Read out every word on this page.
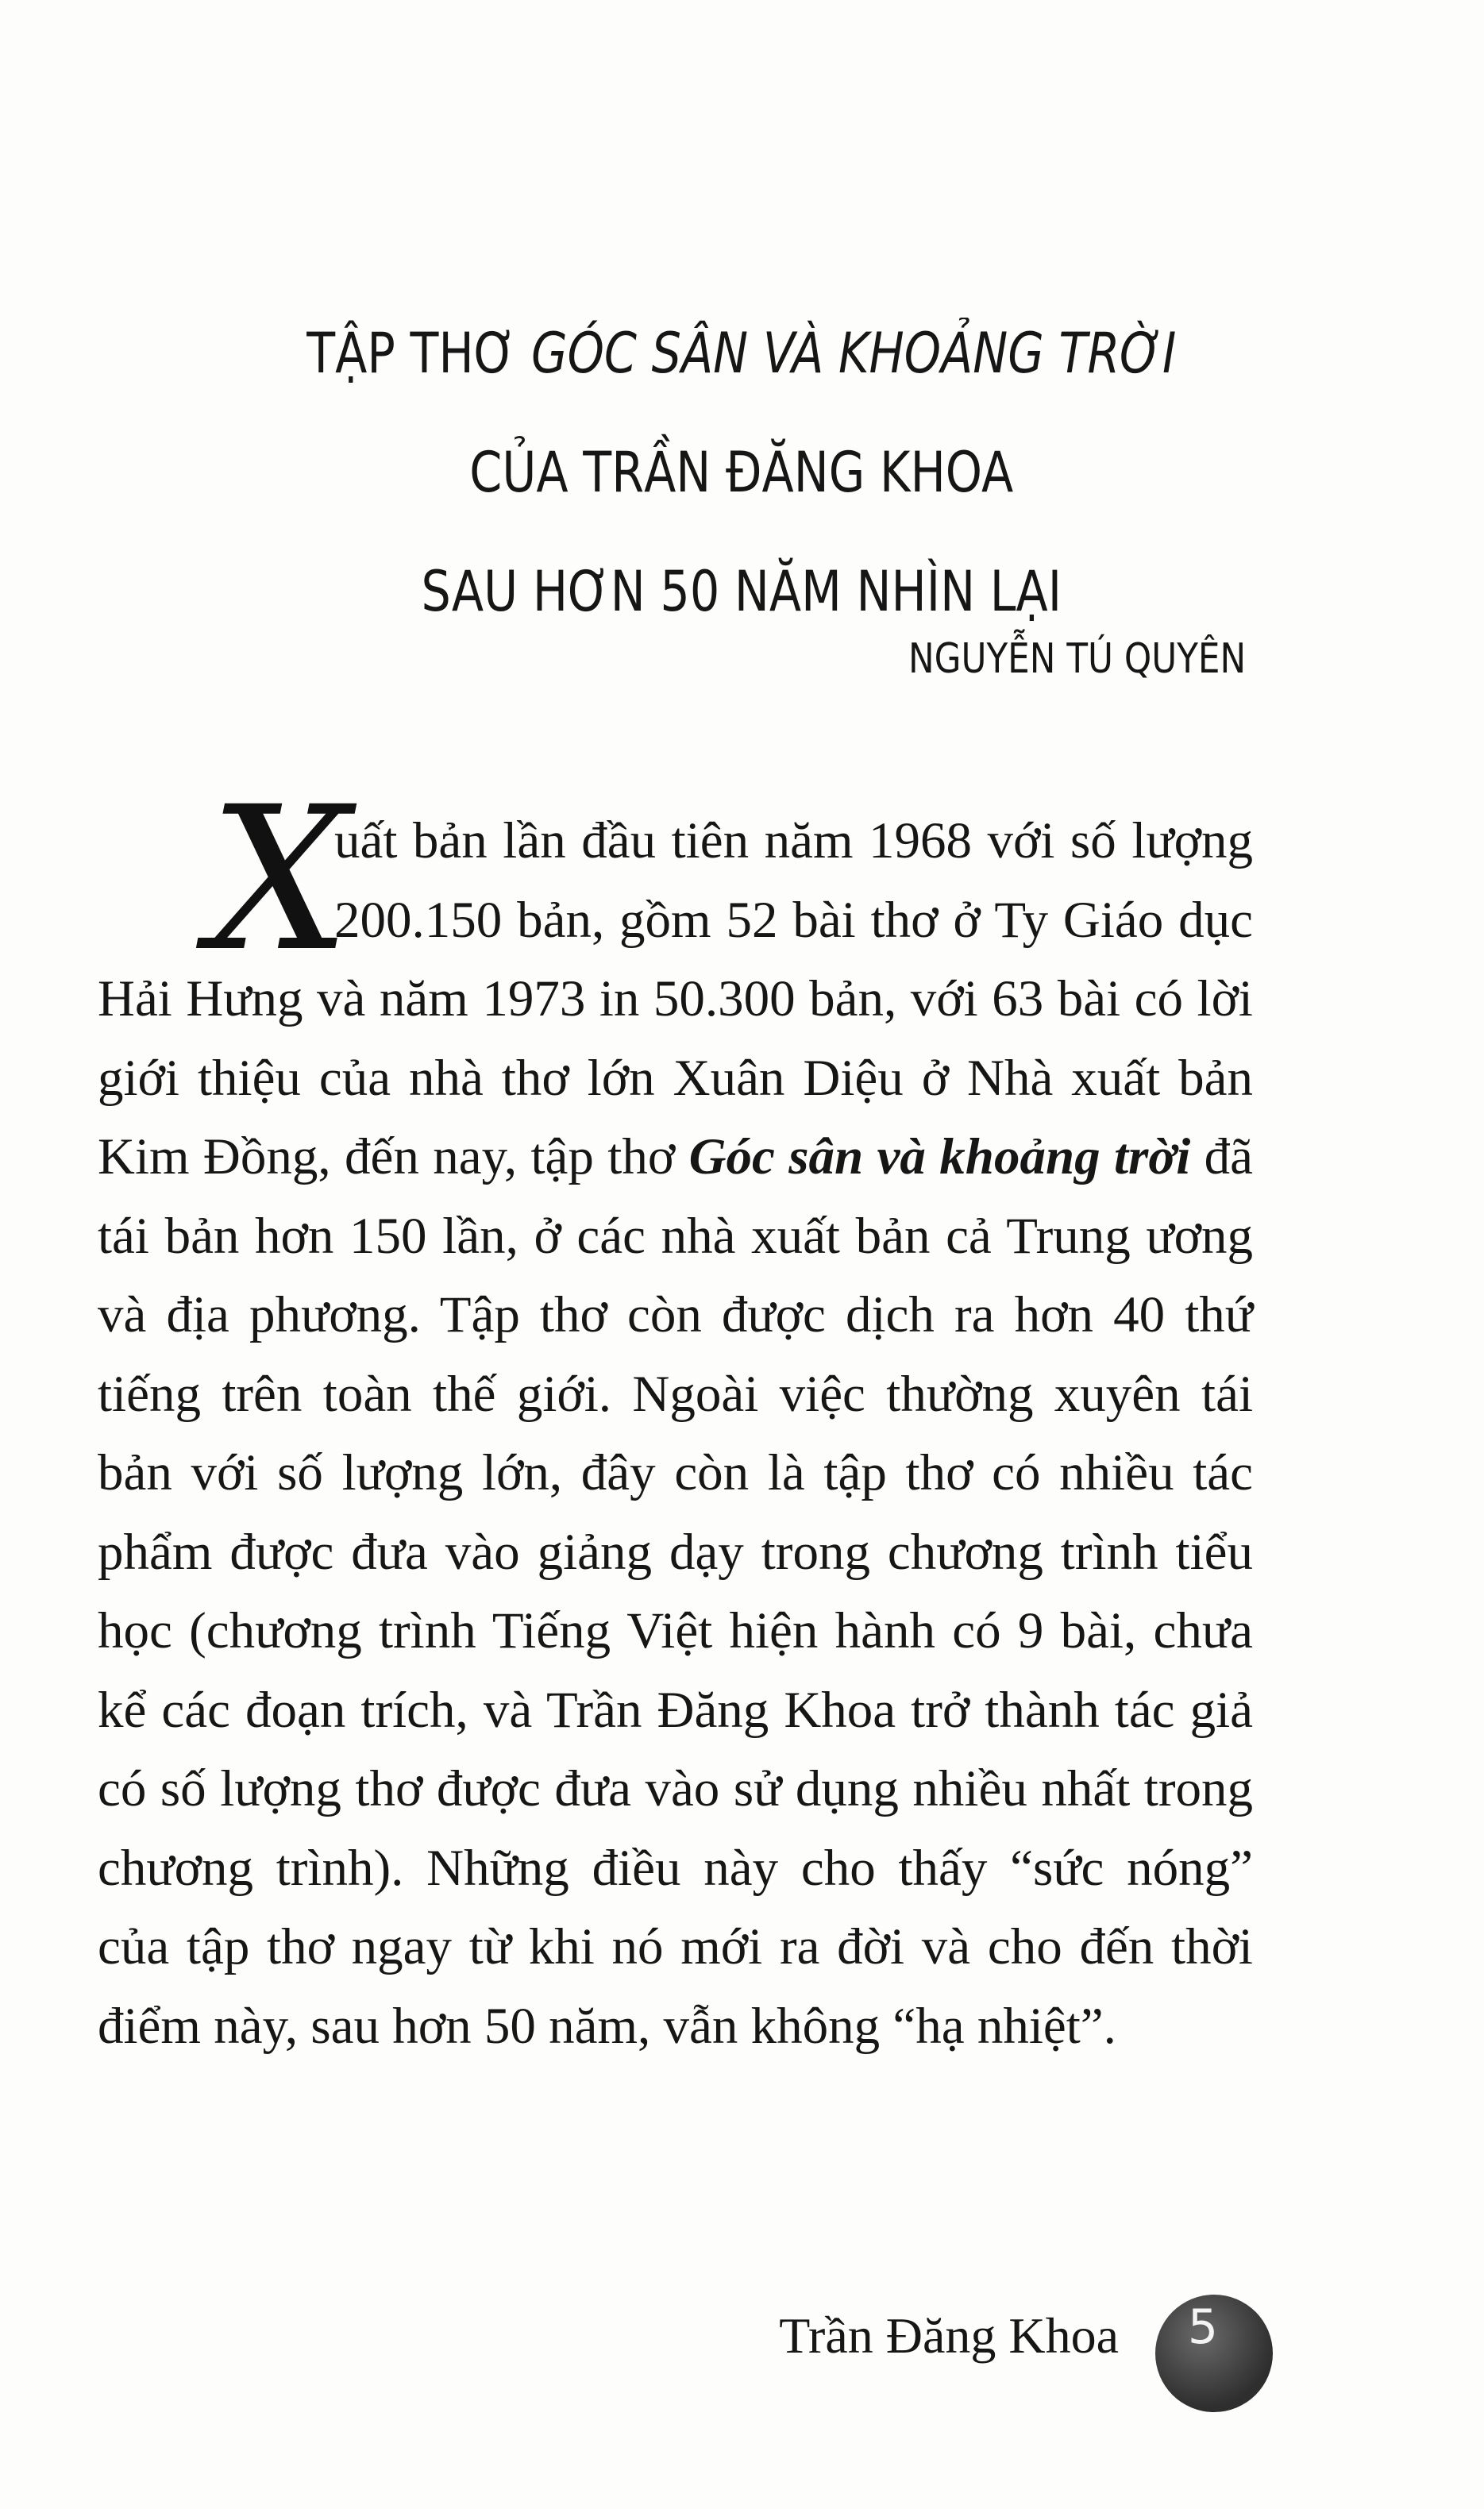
TẬP THƠ GÓC SÂN VÀ KHOẢNG TRỜI
CỦA TRẦN ĐĂNG KHOA
SAU HƠN 50 NĂM NHÌN LẠI
NGUYỄN TÚ QUYÊN

X
uất bản lần đầu tiên năm 1968 với số lượng 200.150 bản, gồm 52 bài thơ ở Ty Giáo dục Hải Hưng và năm 1973 in 50.300 bản, với 63 bài có lời giới thiệu của nhà thơ lớn Xuân Diệu ở Nhà xuất bản Kim Đồng, đến nay, tập thơ Góc sân và khoảng trời đã tái bản hơn 150 lần, ở các nhà xuất bản cả Trung ương và địa phương. Tập thơ còn được dịch ra hơn 40 thứ tiếng trên toàn thế giới. Ngoài việc thường xuyên tái bản với số lượng lớn, đây còn là tập thơ có nhiều tác phẩm được đưa vào giảng dạy trong chương trình tiểu học (chương trình Tiếng Việt hiện hành có 9 bài, chưa kể các đoạn trích, và Trần Đăng Khoa trở thành tác giả có số lượng thơ được đưa vào sử dụng nhiều nhất trong chương trình). Những điều này cho thấy “sức nóng” của tập thơ ngay từ khi nó mới ra đời và cho đến thời điểm này, sau hơn 50 năm, vẫn không “hạ nhiệt”.

Trần Đăng Khoa	5
